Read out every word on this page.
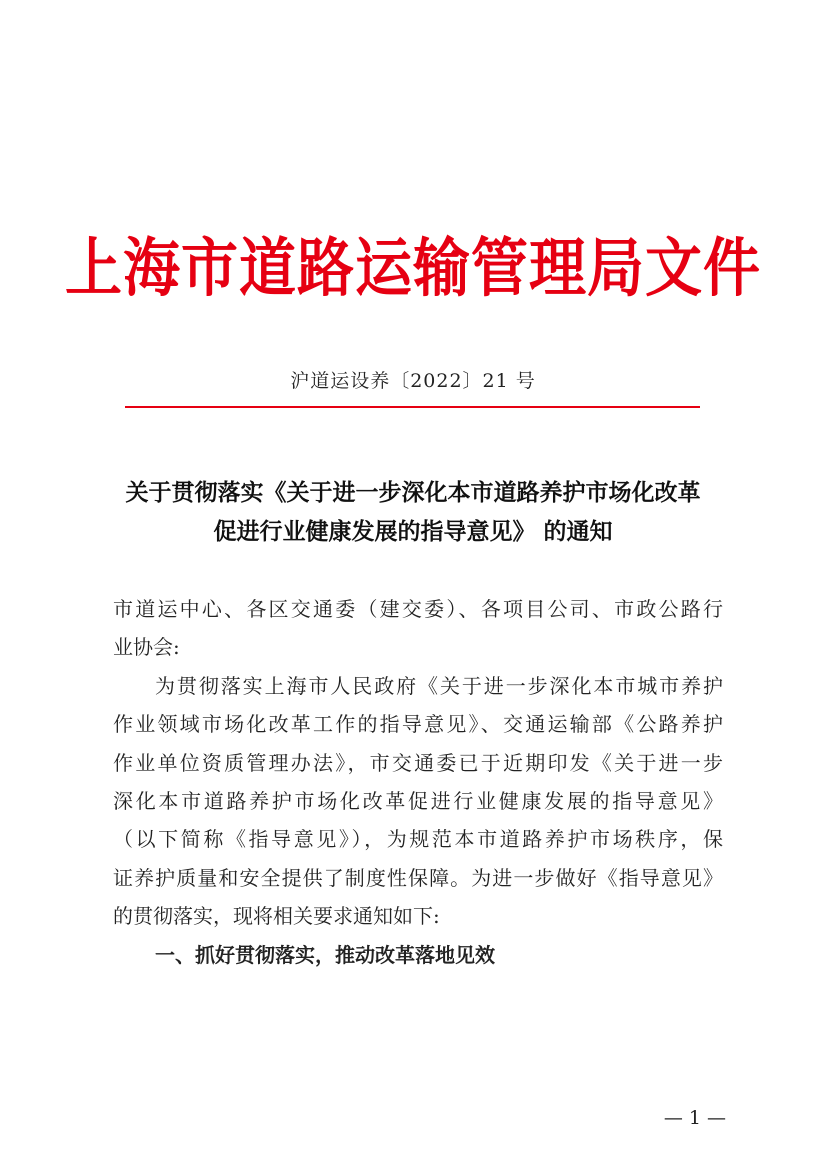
上海市道路运输管理局文件
沪道运设养〔2022〕21 号
关于贯彻落实《关于进一步深化本市道路养护市场化改革
促进行业健康发展的指导意见》 的通知
市道运中心、各区交通委（建交委）、各项目公司、市政公路行
业协会:
为贯彻落实上海市人民政府《关于进一步深化本市城市养护
作业领域市场化改革工作的指导意见》、交通运输部《公路养护
作业单位资质管理办法》，市交通委已于近期印发《关于进一步
深化本市道路养护市场化改革促进行业健康发展的指导意见》
（以下简称《指导意见》），为规范本市道路养护市场秩序，保
证养护质量和安全提供了制度性保障。为进一步做好《指导意见》
的贯彻落实，现将相关要求通知如下:
一、抓好贯彻落实，推动改革落地见效
— 1 —
